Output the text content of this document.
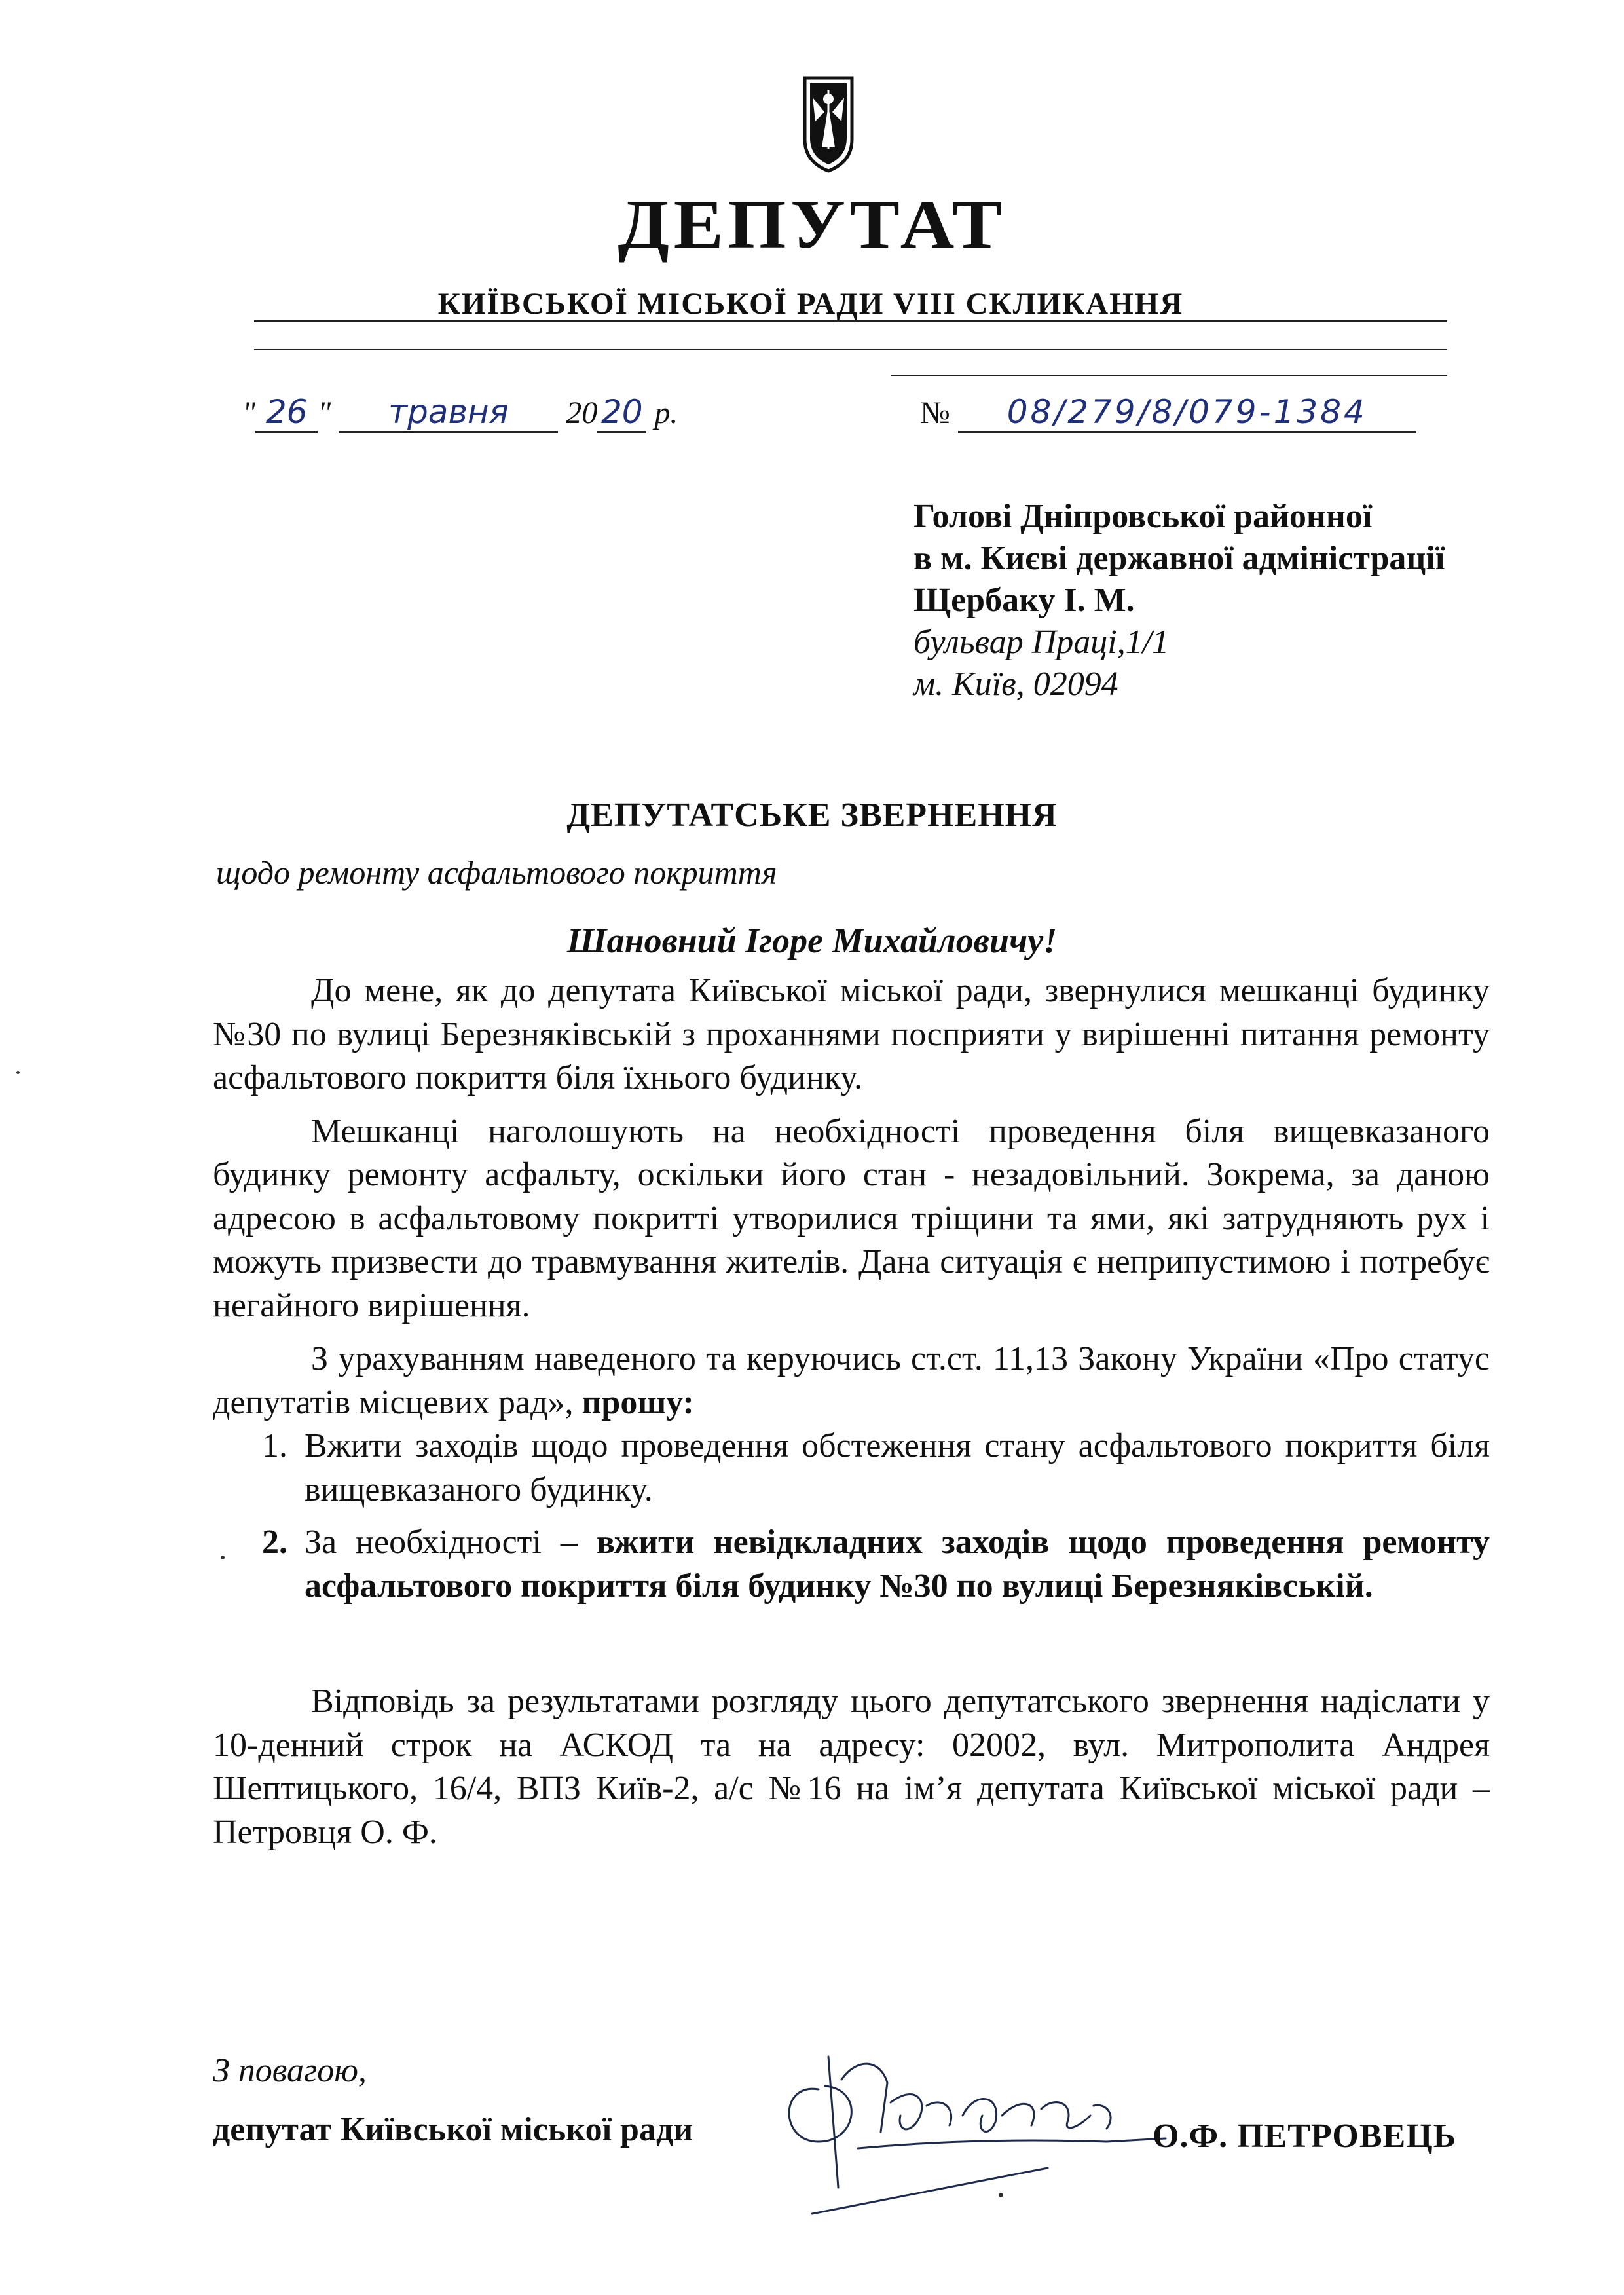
ДЕПУТАТ
КИЇВСЬКОЇ МІСЬКОЇ РАДИ VIII СКЛИКАННЯ
" 26 " травня 20 20 р.	№ 08/279/8/079-1384
Голові Дніпровської районної
в м. Києві державної адміністрації
Щербаку І. М.
бульвар Праці,1/1
м. Київ, 02094
ДЕПУТАТСЬКЕ ЗВЕРНЕННЯ
щодо ремонту асфальтового покриття
Шановний Ігоре Михайловичу!

До мене, як до депутата Київської міської ради, звернулися мешканці будинку №30 по вулиці Березняківській з проханнями посприяти у вирішенні питання ремонту асфальтового покриття біля їхнього будинку.

Мешканці наголошують на необхідності проведення біля вищевказаного будинку ремонту асфальту, оскільки його стан - незадовільний. Зокрема, за даною адресою в асфальтовому покритті утворилися тріщини та ями, які затрудняють рух і можуть призвести до травмування жителів. Дана ситуація є неприпустимою і потребує негайного вирішення.

З урахуванням наведеного та керуючись ст.ст. 11,13 Закону України «Про статус депутатів місцевих рад», прошу:

1. Вжити заходів щодо проведення обстеження стану асфальтового покриття біля вищевказаного будинку.
2. За необхідності – вжити невідкладних заходів щодо проведення ремонту асфальтового покриття біля будинку №30 по вулиці Березняківській.

Відповідь за результатами розгляду цього депутатського звернення надіслати у 10-денний строк на АСКОД та на адресу: 02002, вул. Митрополита Андрея Шептицького, 16/4, ВПЗ Київ-2, а/с №16 на ім’я депутата Київської міської ради – Петровця О. Ф.

З повагою,
депутат Київської міської ради
Петровець
О.Ф. ПЕТРОВЕЦЬ
